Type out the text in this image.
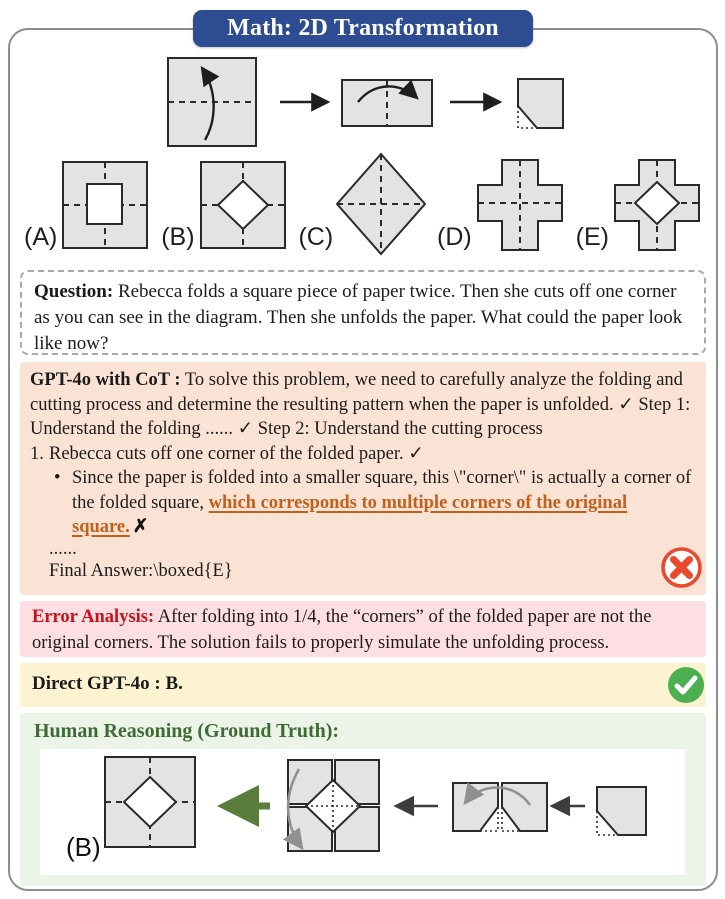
Math: 2D Transformation
(A)	(B)	(C)	(D)	(E)
Question: Rebecca folds a square piece of paper twice. Then she cuts off one corner as you can see in the diagram. Then she unfolds the paper. What could the paper look like now?
GPT-4o with CoT : To solve this problem, we need to carefully analyze the folding and cutting process and determine the resulting pattern when the paper is unfolded. ✓ Step 1: Understand the folding ...... ✓ Step 2: Understand the cutting process
1. Rebecca cuts off one corner of the folded paper. ✓
• Since the paper is folded into a smaller square, this \"corner\" is actually a corner of the folded square, which corresponds to multiple corners of the original square. ✗
......
Final Answer:\boxed{E}
Error Analysis: After folding into 1/4, the “corners” of the folded paper are not the original corners. The solution fails to properly simulate the unfolding process.
Direct GPT-4o : B.
Human Reasoning (Ground Truth):
(B)
